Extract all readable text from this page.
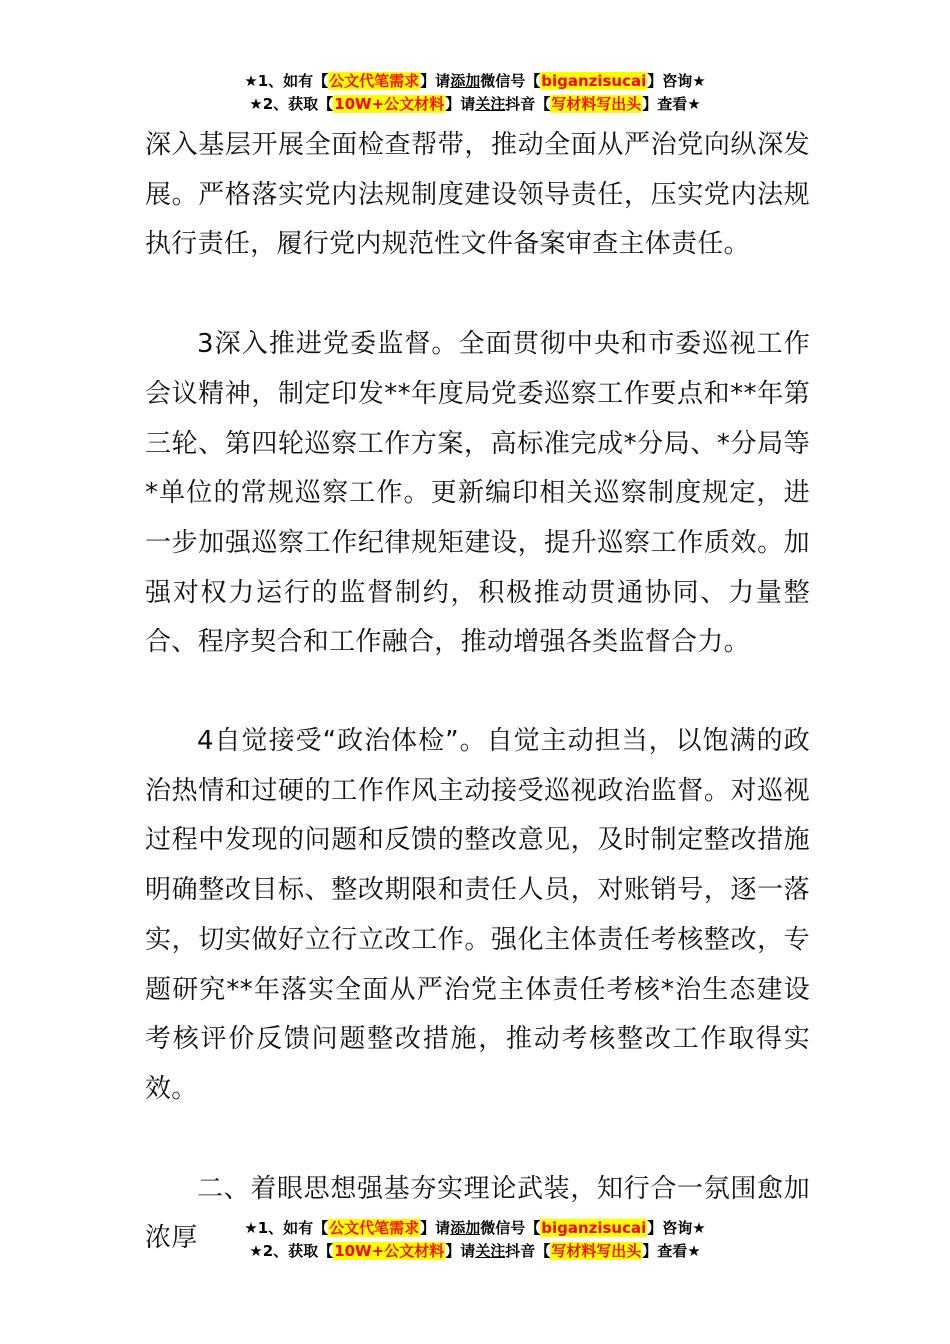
★1、如有【公文代笔需求】请添加微信号【biganzisucai】咨询★
★2、获取【10W+公文材料】请关注抖音【写材料写出头】查看★

深入基层开展全面检查帮带，推动全面从严治党向纵深发展。严格落实党内法规制度建设领导责任，压实党内法规执行责任，履行党内规范性文件备案审查主体责任。

3深入推进党委监督。全面贯彻中央和市委巡视工作会议精神，制定印发**年度局党委巡察工作要点和**年第三轮、第四轮巡察工作方案，高标准完成*分局、*分局等*单位的常规巡察工作。更新编印相关巡察制度规定，进一步加强巡察工作纪律规矩建设，提升巡察工作质效。加强对权力运行的监督制约，积极推动贯通协同、力量整合、程序契合和工作融合，推动增强各类监督合力。

4自觉接受“政治体检”。自觉主动担当，以饱满的政治热情和过硬的工作作风主动接受巡视政治监督。对巡视过程中发现的问题和反馈的整改意见，及时制定整改措施明确整改目标、整改期限和责任人员，对账销号，逐一落实，切实做好立行立改工作。强化主体责任考核整改，专题研究**年落实全面从严治党主体责任考核*治生态建设考核评价反馈问题整改措施，推动考核整改工作取得实效。

二、着眼思想强基夯实理论武装，知行合一氛围愈加浓厚	★1、如有【公文代笔需求】请添加微信号【biganzisucai】咨询★
★2、获取【10W+公文材料】请关注抖音【写材料写出头】查看★
